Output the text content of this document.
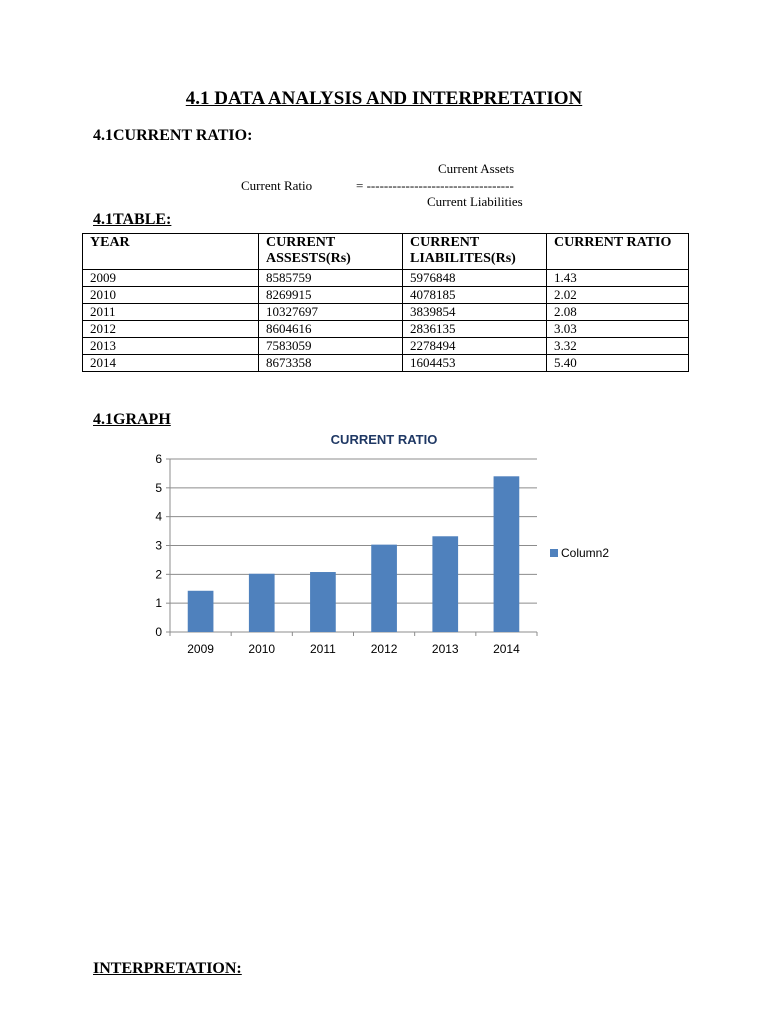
4.1 DATA ANALYSIS AND INTERPRETATION
4.1CURRENT RATIO:
Current Assets
Current Ratio	= ----------------------------------
Current Liabilities
4.1TABLE:
YEAR	CURRENT ASSESTS(Rs)	CURRENT LIABILITES(Rs)	CURRENT RATIO
2009	8585759	5976848	1.43
2010	8269915	4078185	2.02
2011	10327697	3839854	2.08
2012	8604616	2836135	3.03
2013	7583059	2278494	3.32
2014	8673358	1604453	5.40
4.1GRAPH
CURRENT RATIO
0
1
2
3
4
5
6
2009	2010	2011	2012	2013	2014
Column2
INTERPRETATION:
